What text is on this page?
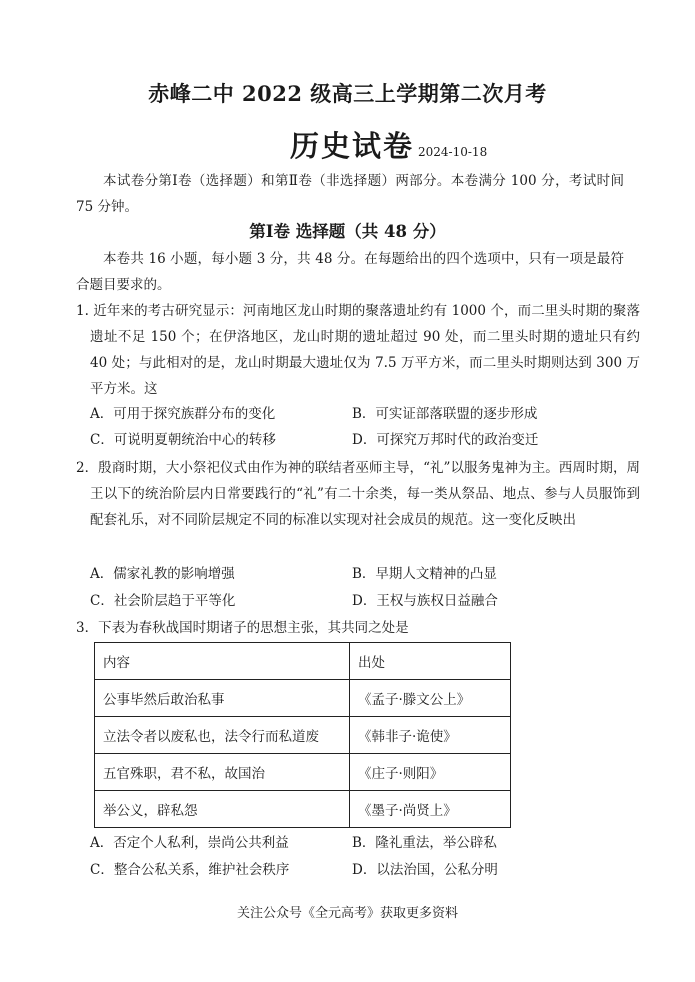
赤峰二中 2022 级高三上学期第二次月考
历史试卷 2024-10-18
本试卷分第Ⅰ卷（选择题）和第Ⅱ卷（非选择题）两部分。本卷满分 100 分，考试时间 75 分钟。
第Ⅰ卷 选择题（共 48 分）
本卷共 16 小题，每小题 3 分，共 48 分。在每题给出的四个选项中，只有一项是最符合题目要求的。
1. 近年来的考古研究显示：河南地区龙山时期的聚落遗址约有 1000 个，而二里头时期的聚落遗址不足 150 个；在伊洛地区，龙山时期的遗址超过 90 处，而二里头时期的遗址只有约 40 处；与此相对的是，龙山时期最大遗址仅为 7.5 万平方米，而二里头时期则达到 300 万平方米。这
A．可用于探究族群分布的变化	B．可实证部落联盟的逐步形成
C．可说明夏朝统治中心的转移	D．可探究万邦时代的政治变迁
2．殷商时期，大小祭祀仪式由作为神的联结者巫师主导，“礼”以服务鬼神为主。西周时期，周王以下的统治阶层内日常要践行的“礼”有二十余类，每一类从祭品、地点、参与人员服饰到配套礼乐，对不同阶层规定不同的标准以实现对社会成员的规范。这一变化反映出
A．儒家礼教的影响增强	B．早期人文精神的凸显
C．社会阶层趋于平等化	D．王权与族权日益融合
3．下表为春秋战国时期诸子的思想主张，其共同之处是
内容	出处
公事毕然后敢治私事	《孟子·滕文公上》
立法令者以废私也，法令行而私道废	《韩非子·诡使》
五官殊职，君不私，故国治	《庄子·则阳》
举公义，辟私怨	《墨子·尚贤上》
A．否定个人私利，崇尚公共利益	B．隆礼重法，举公辟私
C．整合公私关系，维护社会秩序	D．以法治国，公私分明
关注公众号《全元高考》获取更多资料
